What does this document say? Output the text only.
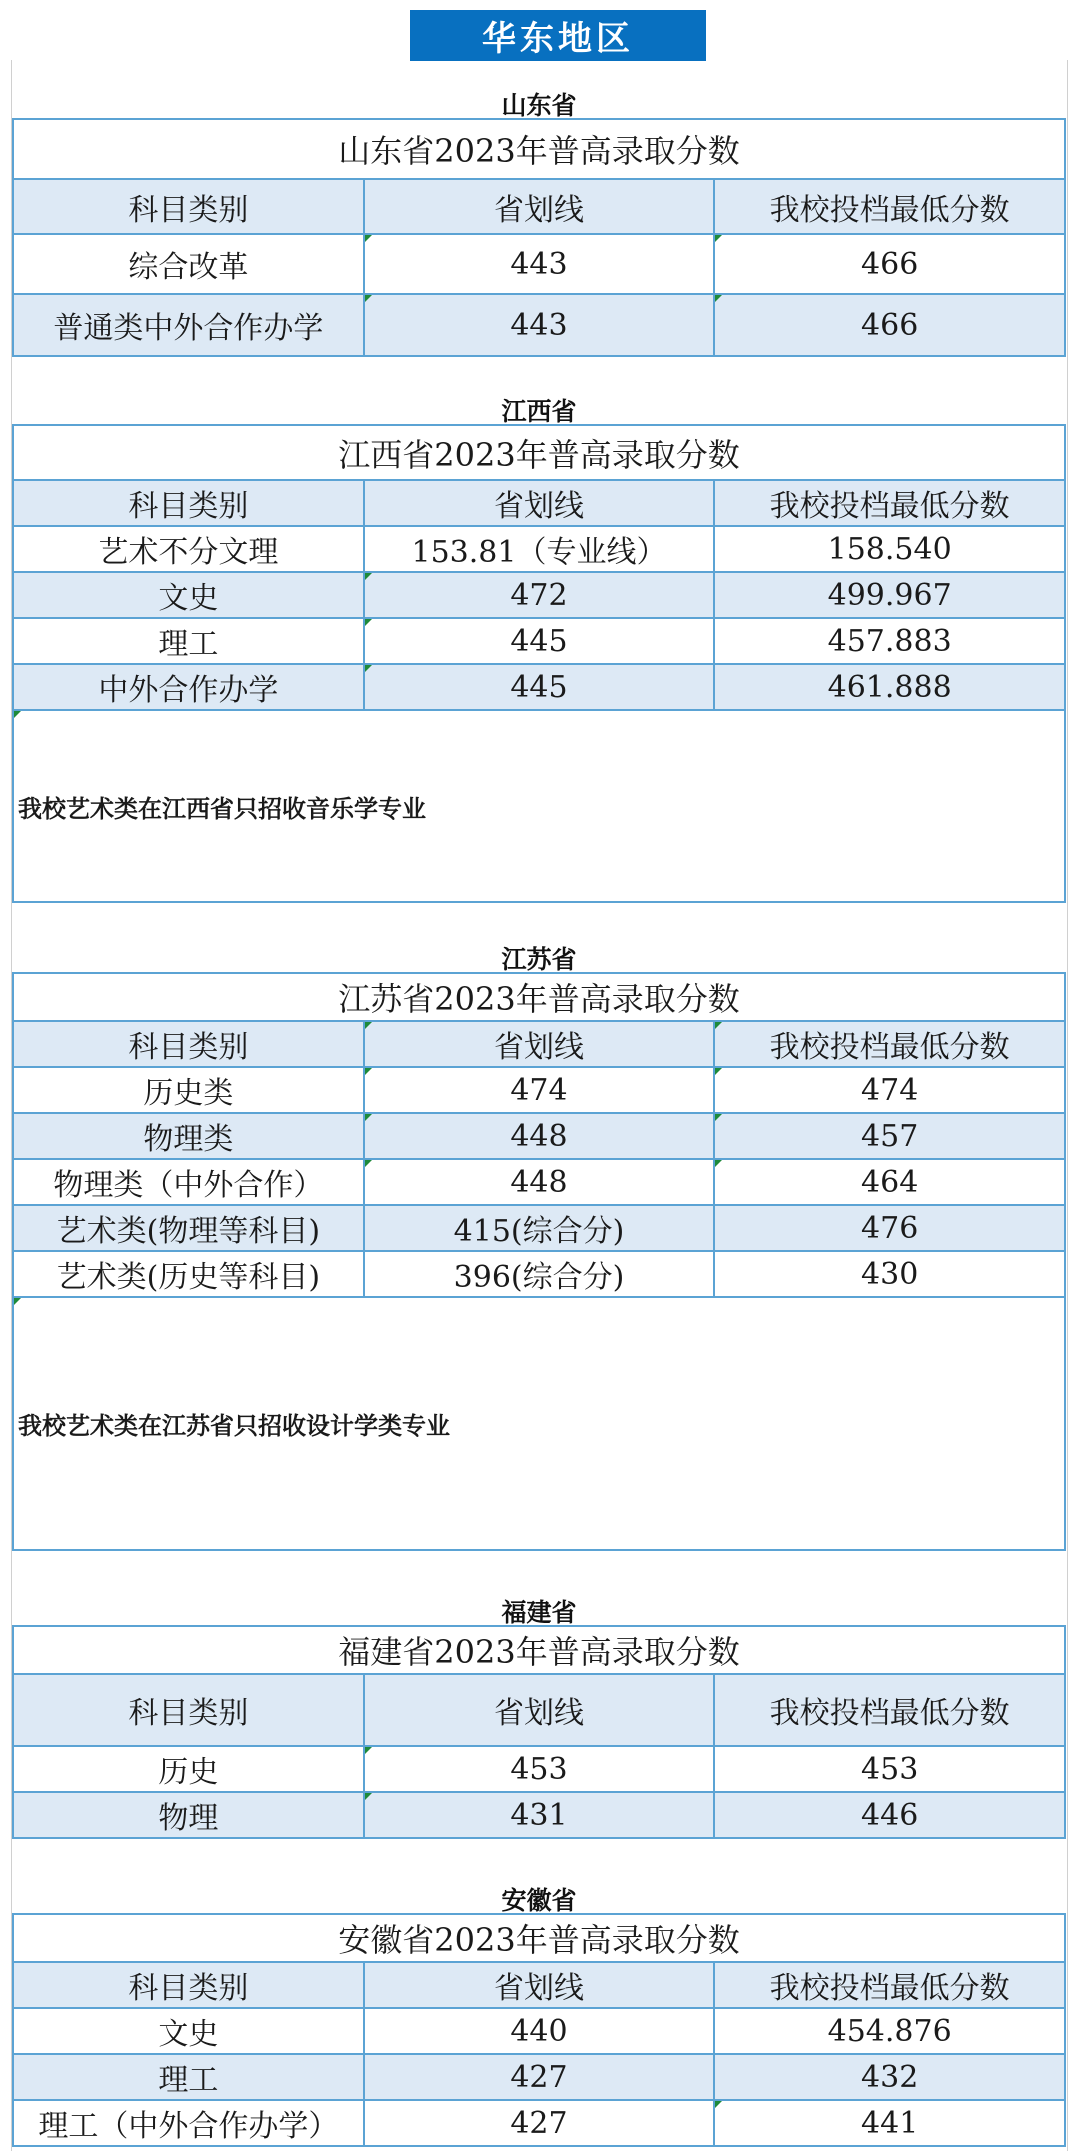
华东地区
山东省
山东省2023年普高录取分数		
科目类别	省划线	我校投档最低分数
综合改革	443	466
普通类中外合作办学	443	466
江西省
江西省2023年普高录取分数		
科目类别	省划线	我校投档最低分数
艺术不分文理	153.81（专业线）	158.540
文史	472	499.967
理工	445	457.883
中外合作办学	445	461.888
我校艺术类在江西省只招收音乐学专业		
江苏省
江苏省2023年普高录取分数		
科目类别	省划线	我校投档最低分数
历史类	474	474
物理类	448	457
物理类（中外合作）	448	464
艺术类(物理等科目)	415(综合分)	476
艺术类(历史等科目)	396(综合分)	430
我校艺术类在江苏省只招收设计学类专业		
福建省
福建省2023年普高录取分数		
科目类别	省划线	我校投档最低分数
历史	453	453
物理	431	446
安徽省
安徽省2023年普高录取分数		
科目类别	省划线	我校投档最低分数
文史	440	454.876
理工	427	432
理工（中外合作办学）	427	441
